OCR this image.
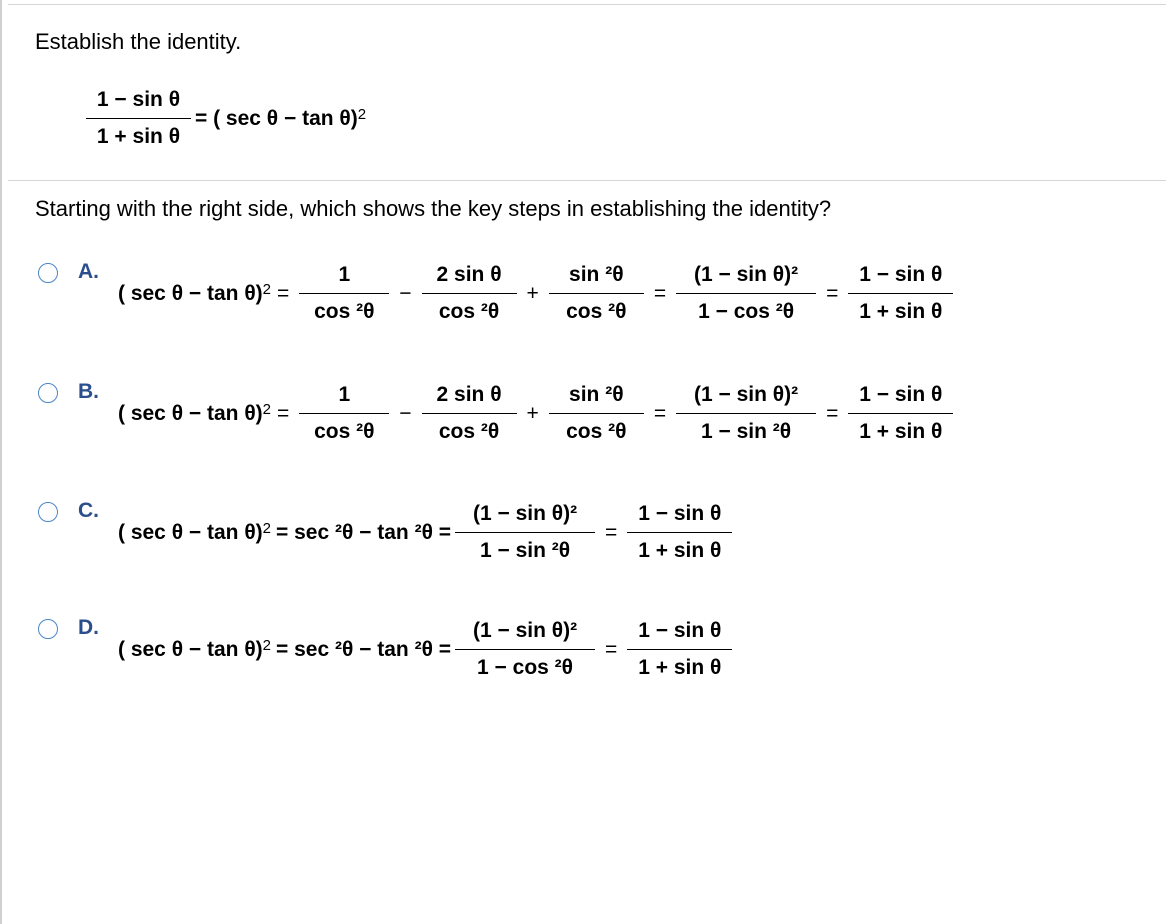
Establish the identity.
$\frac{\text{1 − sin θ}}{\text{1 + sin θ}}$ = ( sec θ − tan θ)$^2$
Starting with the right side, which shows the key steps in establishing the identity?
A.
( $\sec \theta - \tan \theta)^2 = \frac{1}{\text{cos ²θ}} - \frac{\text{2 sin θ}}{\text{cos ²θ}} + \frac{\text{sin ²θ}}{\text{cos ²θ}} = \frac{\text{(1 − sin θ)²}}{\text{1 − cos ²θ}} = \frac{\text{1 − sin θ}}{\text{1 + sin θ}}$
B.
( $\sec \theta - \tan \theta)^2 = \frac{1}{\text{cos ²θ}} - \frac{\text{2 sin θ}}{\text{cos ²θ}} + \frac{\text{sin ²θ}}{\text{cos ²θ}} = \frac{\text{(1 − sin θ)²}}{\text{1 − sin ²θ}} = \frac{\text{1 − sin θ}}{\text{1 + sin θ}}$
C.
( $\sec \theta - \tan \theta)^2 = \sec ^2\theta - \tan ^2\theta = \frac{\text{(1 − sin θ)²}}{\text{1 − sin ²θ}} = \frac{\text{1 − sin θ}}{\text{1 + sin θ}}$
D.
( $\sec \theta - \tan \theta)^2 = \sec ^2\theta - \tan ^2\theta = \frac{\text{(1 − sin θ)²}}{\text{1 − cos ²θ}} = \frac{\text{1 − sin θ}}{\text{1 + sin θ}}$
